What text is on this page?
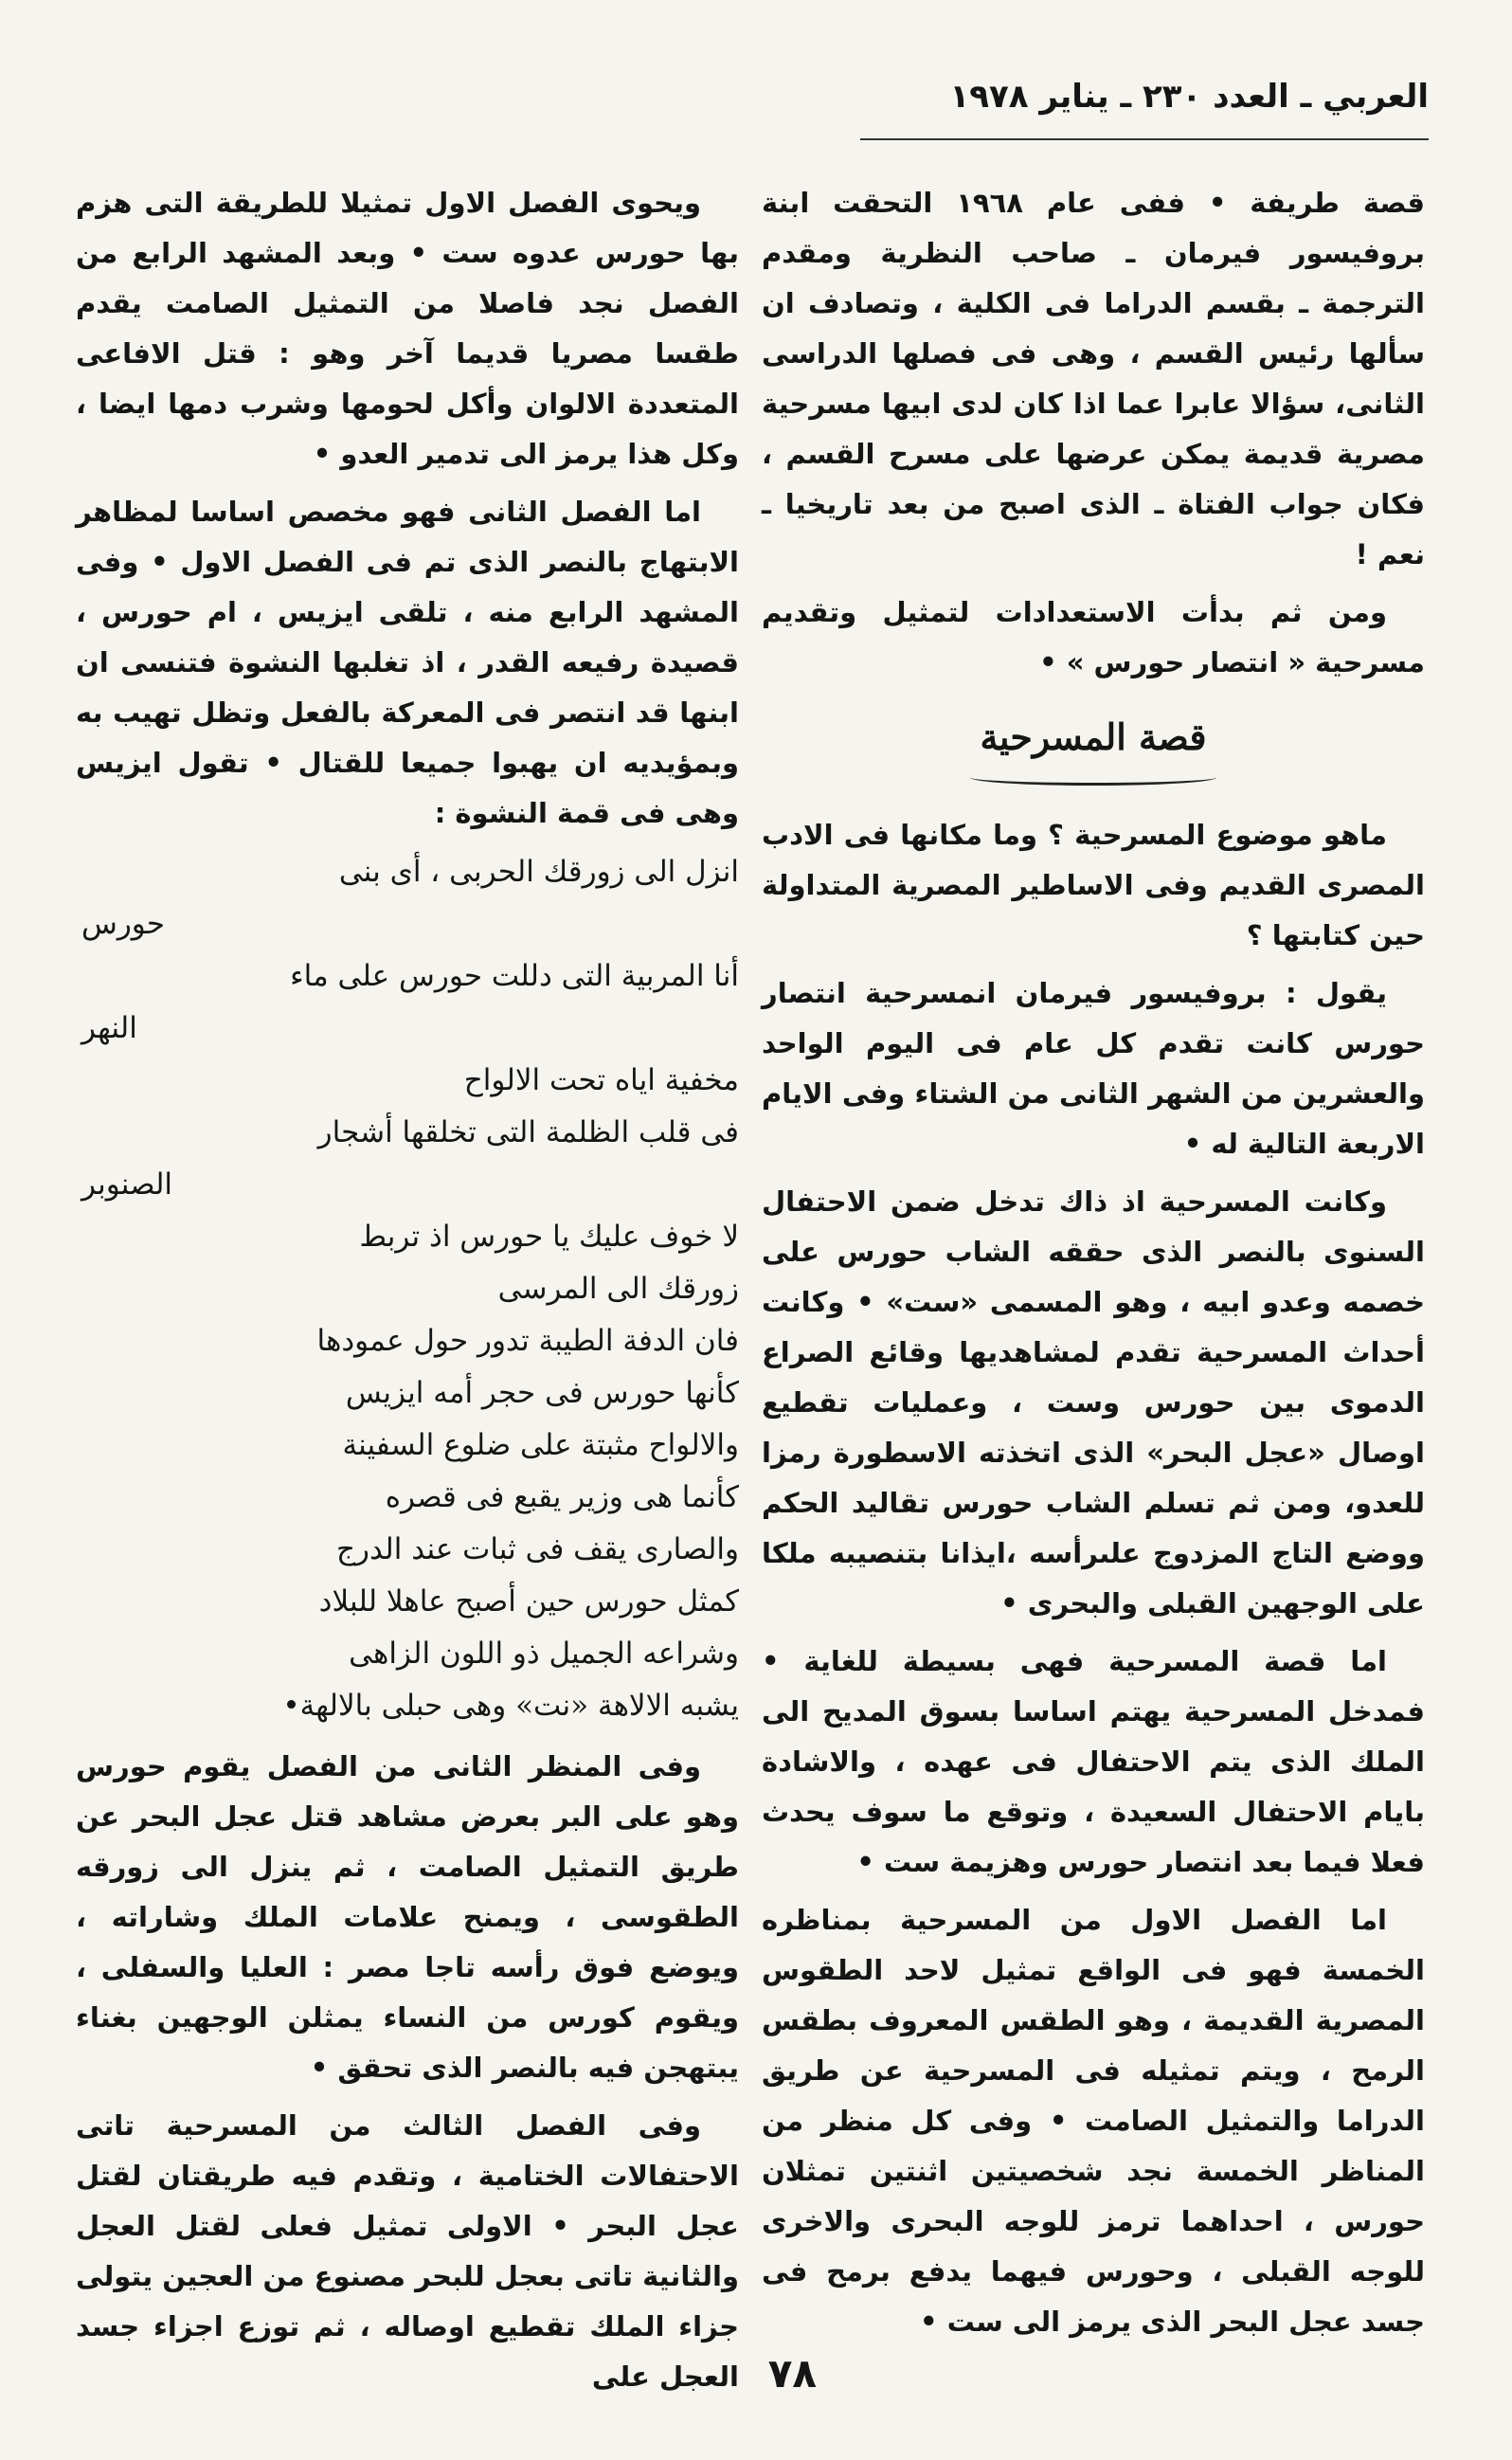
العربي ـ العدد ٢٣٠ ـ يناير ١٩٧٨

قصة طريفة • ففى عام ١٩٦٨ التحقت ابنة بروفيسور فيرمان ـ صاحب النظرية ومقدم الترجمة ـ بقسم الدراما فى الكلية ، وتصادف ان سألها رئيس القسم ، وهى فى فصلها الدراسى الثانى، سؤالا عابرا عما اذا كان لدى ابيها مسرحية مصرية قديمة يمكن عرضها على مسرح القسم ، فكان جواب الفتاة ـ الذى اصبح من بعد تاريخيا ـ نعم !

ومن ثم بدأت الاستعدادات لتمثيل وتقديم مسرحية « انتصار حورس » •

قصة المسرحية

ماهو موضوع المسرحية ؟ وما مكانها فى الادب المصرى القديم وفى الاساطير المصرية المتداولة حين كتابتها ؟

يقول : بروفيسور فيرمان انمسرحية انتصار حورس كانت تقدم كل عام فى اليوم الواحد والعشرين من الشهر الثانى من الشتاء وفى الايام الاربعة التالية له •

وكانت المسرحية اذ ذاك تدخل ضمن الاحتفال السنوى بالنصر الذى حققه الشاب حورس على خصمه وعدو ابيه ، وهو المسمى «ست» • وكانت أحداث المسرحية تقدم لمشاهديها وقائع الصراع الدموى بين حورس وست ، وعمليات تقطيع اوصال «عجل البحر» الذى اتخذته الاسطورة رمزا للعدو، ومن ثم تسلم الشاب حورس تقاليد الحكم ووضع التاج المزدوج علىرأسه ،ايذانا بتنصيبه ملكا على الوجهين القبلى والبحرى •

اما قصة المسرحية فهى بسيطة للغاية • فمدخل المسرحية يهتم اساسا بسوق المديح الى الملك الذى يتم الاحتفال فى عهده ، والاشادة بايام الاحتفال السعيدة ، وتوقع ما سوف يحدث فعلا فيما بعد انتصار حورس وهزيمة ست •

اما الفصل الاول من المسرحية بمناظره الخمسة فهو فى الواقع تمثيل لاحد الطقوس المصرية القديمة ، وهو الطقس المعروف بطقس الرمح ، ويتم تمثيله فى المسرحية عن طريق الدراما والتمثيل الصامت • وفى كل منظر من المناظر الخمسة نجد شخصيتين اثنتين تمثلان حورس ، احداهما ترمز للوجه البحرى والاخرى للوجه القبلى ، وحورس فيهما يدفع برمح فى جسد عجل البحر الذى يرمز الى ست •

ويحوى الفصل الاول تمثيلا للطريقة التى هزم بها حورس عدوه ست • وبعد المشهد الرابع من الفصل نجد فاصلا من التمثيل الصامت يقدم طقسا مصريا قديما آخر وهو : قتل الافاعى المتعددة الالوان وأكل لحومها وشرب دمها ايضا ، وكل هذا يرمز الى تدمير العدو •

اما الفصل الثانى فهو مخصص اساسا لمظاهر الابتهاج بالنصر الذى تم فى الفصل الاول • وفى المشهد الرابع منه ، تلقى ايزيس ، ام حورس ، قصيدة رفيعه القدر ، اذ تغلبها النشوة فتنسى ان ابنها قد انتصر فى المعركة بالفعل وتظل تهيب به وبمؤيديه ان يهبوا جميعا للقتال • تقول ايزيس وهى فى قمة النشوة :

انزل الى زورقك الحربى ، أى بنى
حورس
أنا المربية التى دللت حورس على ماء
النهر
مخفية اياه تحت الالواح
فى قلب الظلمة التى تخلقها أشجار
الصنوبر
لا خوف عليك يا حورس اذ تربط
زورقك الى المرسى
فان الدفة الطيبة تدور حول عمودها
كأنها حورس فى حجر أمه ايزيس
والالواح مثبتة على ضلوع السفينة
كأنما هى وزير يقبع فى قصره
والصارى يقف فى ثبات عند الدرج
كمثل حورس حين أصبح عاهلا للبلاد
وشراعه الجميل ذو اللون الزاهى
يشبه الالاهة «نت» وهى حبلى بالالهة•

وفى المنظر الثانى من الفصل يقوم حورس وهو على البر بعرض مشاهد قتل عجل البحر عن طريق التمثيل الصامت ، ثم ينزل الى زورقه الطقوسى ، ويمنح علامات الملك وشاراته ، ويوضع فوق رأسه تاجا مصر : العليا والسفلى ، ويقوم كورس من النساء يمثلن الوجهين بغناء يبتهجن فيه بالنصر الذى تحقق •

وفى الفصل الثالث من المسرحية تاتى الاحتفالات الختامية ، وتقدم فيه طريقتان لقتل عجل البحر • الاولى تمثيل فعلى لقتل العجل والثانية تاتى بعجل للبحر مصنوع من العجين يتولى جزاء الملك تقطيع اوصاله ، ثم توزع اجزاء جسد العجل على ٧٨
